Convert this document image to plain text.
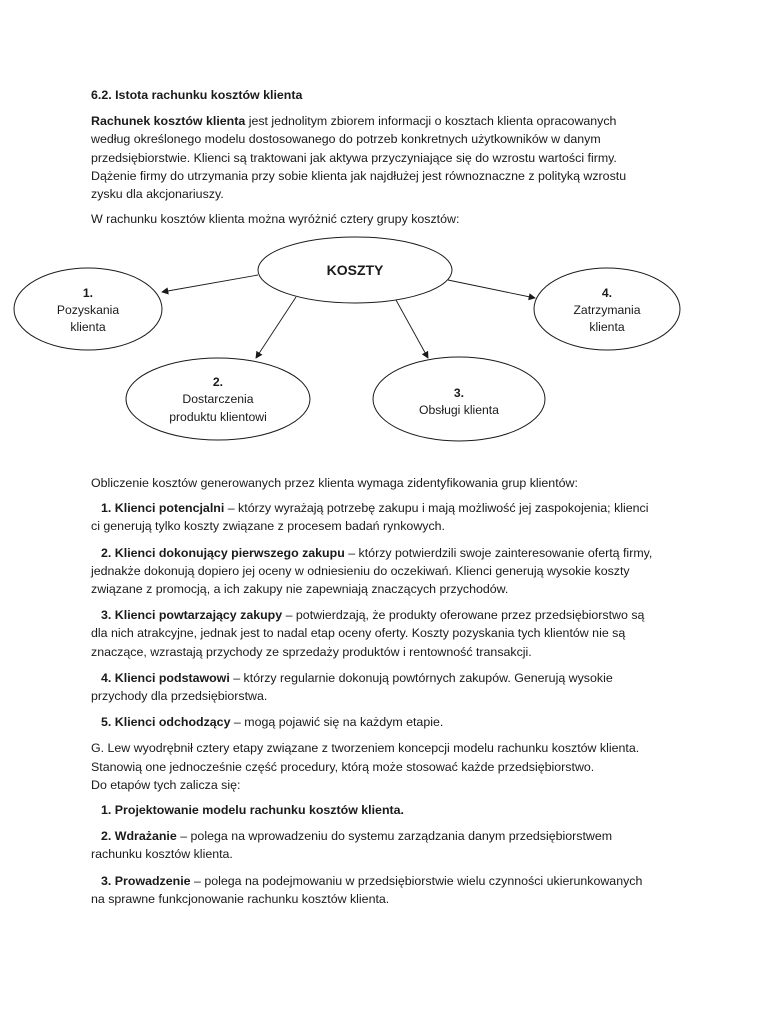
6.2. Istota rachunku kosztów klienta

Rachunek kosztów klienta jest jednolitym zbiorem informacji o kosztach klienta opracowanych
według określonego modelu dostosowanego do potrzeb konkretnych użytkowników w danym
przedsiębiorstwie. Klienci są traktowani jak aktywa przyczyniające się do wzrostu wartości firmy.
Dążenie firmy do utrzymania przy sobie klienta jak najdłużej jest równoznaczne z polityką wzrostu
zysku dla akcjonariuszy.

W rachunku kosztów klienta można wyróżnić cztery grupy kosztów:

KOSZTY
1.
Pozyskania
klienta
2.
Dostarczenia
produktu klientowi
3.
Obsługi klienta
4.
Zatrzymania
klienta

Obliczenie kosztów generowanych przez klienta wymaga zidentyfikowania grup klientów:

1. Klienci potencjalni – którzy wyrażają potrzebę zakupu i mają możliwość jej zaspokojenia; klienci
ci generują tylko koszty związane z procesem badań rynkowych.

2. Klienci dokonujący pierwszego zakupu – którzy potwierdzili swoje zainteresowanie ofertą firmy,
jednakże dokonują dopiero jej oceny w odniesieniu do oczekiwań. Klienci generują wysokie koszty
związane z promocją, a ich zakupy nie zapewniają znaczących przychodów.

3. Klienci powtarzający zakupy – potwierdzają, że produkty oferowane przez przedsiębiorstwo są
dla nich atrakcyjne, jednak jest to nadal etap oceny oferty. Koszty pozyskania tych klientów nie są
znaczące, wzrastają przychody ze sprzedaży produktów i rentowność transakcji.

4. Klienci podstawowi – którzy regularnie dokonują powtórnych zakupów. Generują wysokie
przychody dla przedsiębiorstwa.

5. Klienci odchodzący – mogą pojawić się na każdym etapie.

G. Lew wyodrębnił cztery etapy związane z tworzeniem koncepcji modelu rachunku kosztów klienta.
Stanowią one jednocześnie część procedury, którą może stosować każde przedsiębiorstwo.
Do etapów tych zalicza się:

1. Projektowanie modelu rachunku kosztów klienta.

2. Wdrażanie – polega na wprowadzeniu do systemu zarządzania danym przedsiębiorstwem
rachunku kosztów klienta.

3. Prowadzenie – polega na podejmowaniu w przedsiębiorstwie wielu czynności ukierunkowanych
na sprawne funkcjonowanie rachunku kosztów klienta.
